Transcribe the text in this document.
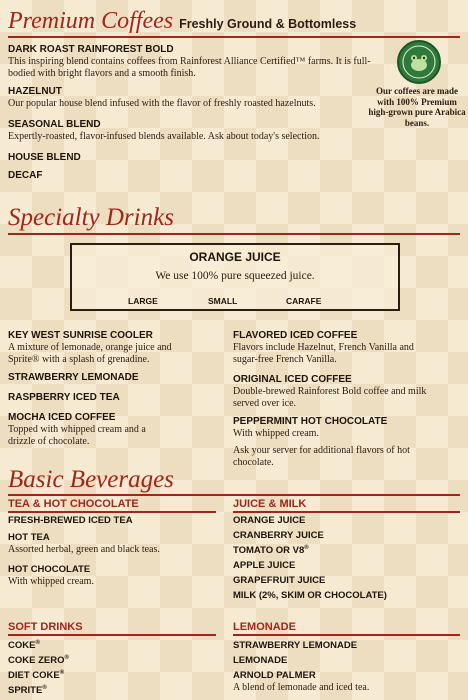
Premium Coffees Freshly Ground & Bottomless
DARK ROAST RAINFOREST BOLD
This inspiring blend contains coffees from Rainforest Alliance Certified™ farms. It is full-bodied with bright flavors and a smooth finish.
HAZELNUT
Our popular house blend infused with the flavor of freshly roasted hazelnuts.
SEASONAL BLEND
Expertly-roasted, flavor-infused blends available. Ask about today's selection.
HOUSE BLEND
DECAF
Our coffees are made with 100% Premium high-grown pure Arabica beans.
Specialty Drinks
ORANGE JUICE
We use 100% pure squeezed juice.
LARGE	SMALL	CARAFE
KEY WEST SUNRISE COOLER
A mixture of lemonade, orange juice and Sprite® with a splash of grenadine.
STRAWBERRY LEMONADE
RASPBERRY ICED TEA
MOCHA ICED COFFEE
Topped with whipped cream and a drizzle of chocolate.
FLAVORED ICED COFFEE
Flavors include Hazelnut, French Vanilla and sugar-free French Vanilla.
ORIGINAL ICED COFFEE
Double-brewed Rainforest Bold coffee and milk served over ice.
PEPPERMINT HOT CHOCOLATE
With whipped cream.
Ask your server for additional flavors of hot chocolate.
Basic Beverages
TEA & HOT CHOCOLATE
FRESH-BREWED ICED TEA
HOT TEA
Assorted herbal, green and black teas.
HOT CHOCOLATE
With whipped cream.
JUICE & MILK
ORANGE JUICE
CRANBERRY JUICE
TOMATO OR V8®
APPLE JUICE
GRAPEFRUIT JUICE
MILK (2%, SKIM OR CHOCOLATE)
SOFT DRINKS
COKE®
COKE ZERO®
DIET COKE®
SPRITE®
LEMONADE
STRAWBERRY LEMONADE
LEMONADE
ARNOLD PALMER
A blend of lemonade and iced tea.
